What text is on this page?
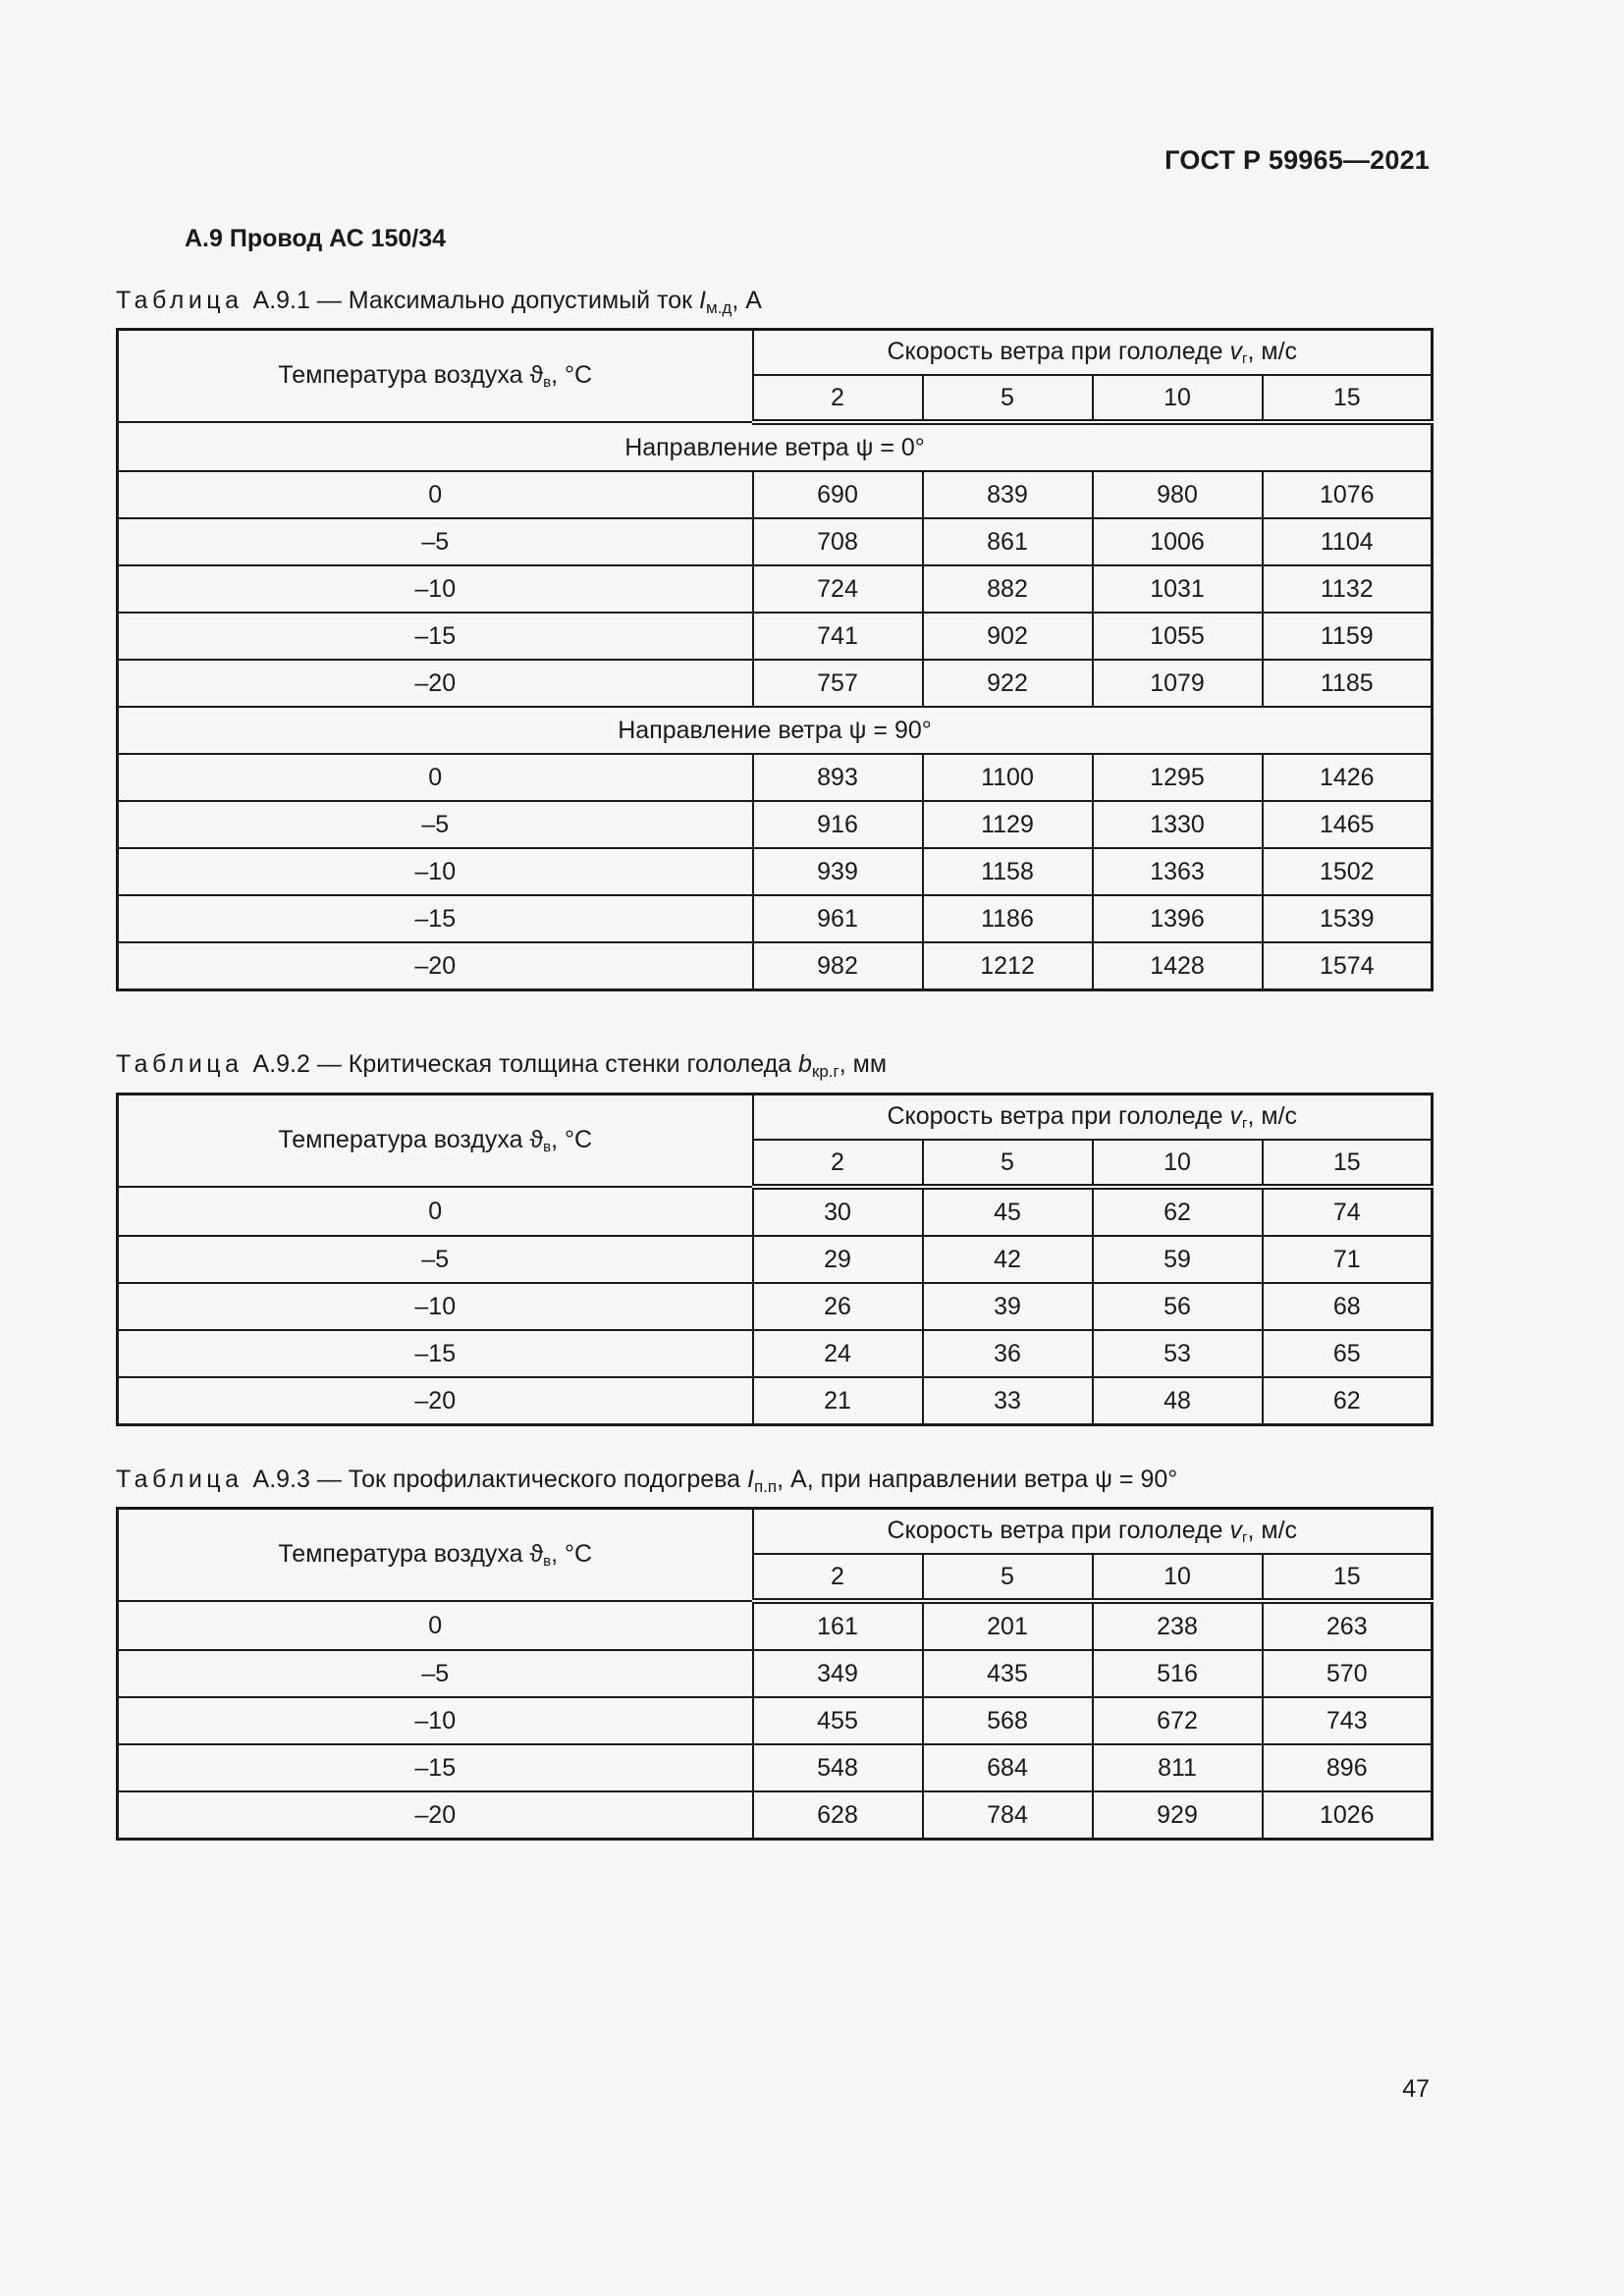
ГОСТ Р 59965—2021
А.9 Провод АС 150/34
Таблица А.9.1 — Максимально допустимый ток $I_{м.д}$, А
Температура воздуха $ϑ_в$, °С	Скорость ветра при гололеде $v_г$, м/с			
	2	5	10	15
Направление ветра ψ = 0°				
0	690	839	980	1076
–5	708	861	1006	1104
–10	724	882	1031	1132
–15	741	902	1055	1159
–20	757	922	1079	1185
Направление ветра ψ = 90°				
0	893	1100	1295	1426
–5	916	1129	1330	1465
–10	939	1158	1363	1502
–15	961	1186	1396	1539
–20	982	1212	1428	1574
Таблица А.9.2 — Критическая толщина стенки гололеда $b_{кр.г}$, мм
Температура воздуха $ϑ_в$, °С	Скорость ветра при гололеде $v_г$, м/с			
	2	5	10	15
0	30	45	62	74
–5	29	42	59	71
–10	26	39	56	68
–15	24	36	53	65
–20	21	33	48	62
Таблица А.9.3 — Ток профилактического подогрева $I_{п.п}$, А, при направлении ветра ψ = 90°
Температура воздуха $ϑ_в$, °С	Скорость ветра при гололеде $v_г$, м/с			
	2	5	10	15
0	161	201	238	263
–5	349	435	516	570
–10	455	568	672	743
–15	548	684	811	896
–20	628	784	929	1026
47
